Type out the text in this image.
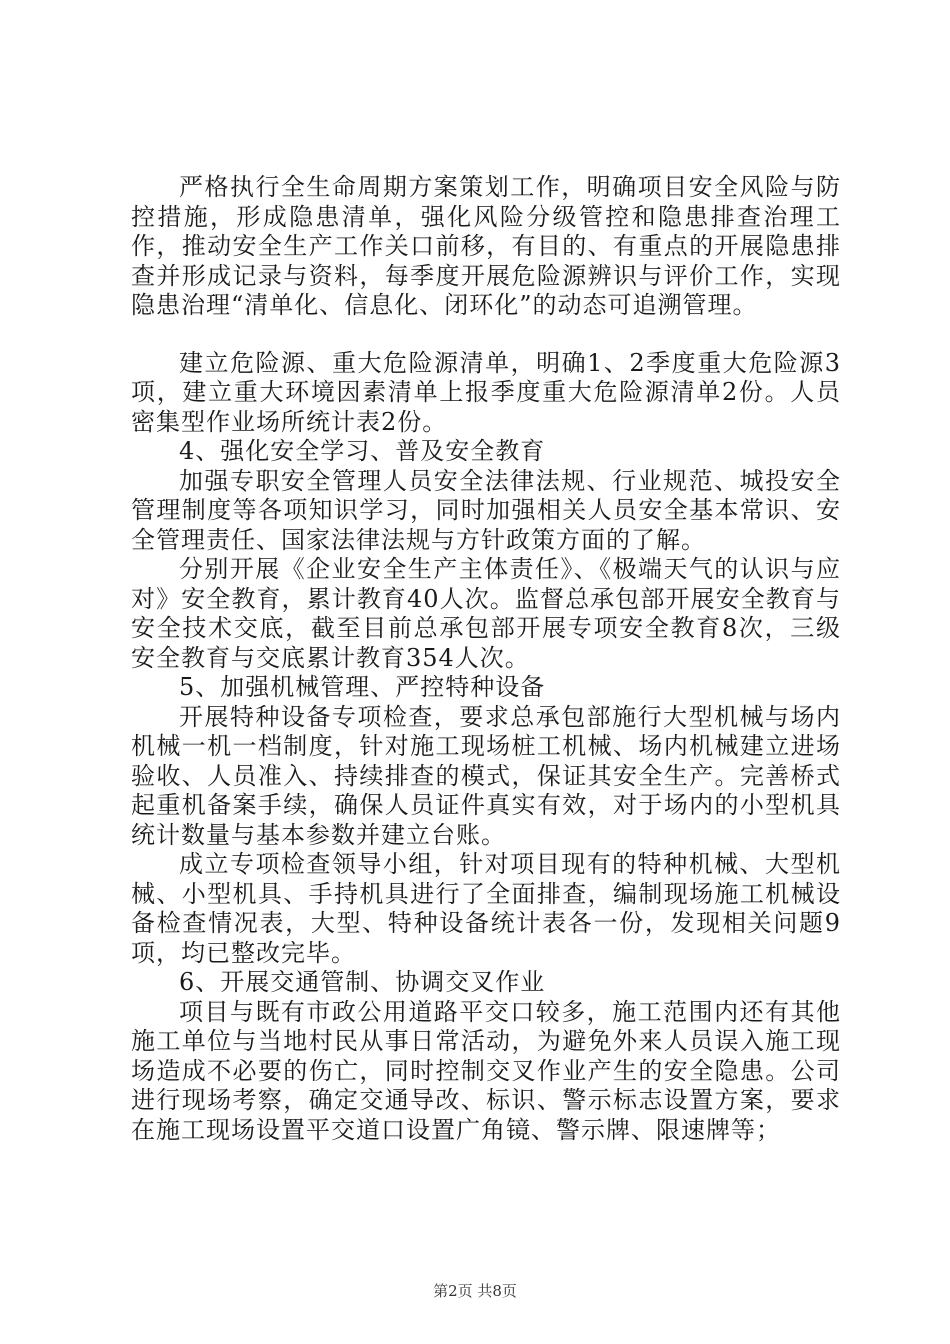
严格执行全生命周期方案策划工作，明确项目安全风险与防控措施，形成隐患清单，强化风险分级管控和隐患排查治理工作，推动安全生产工作关口前移，有目的、有重点的开展隐患排查并形成记录与资料，每季度开展危险源辨识与评价工作，实现隐患治理“清单化、信息化、闭环化”的动态可追溯管理。

建立危险源、重大危险源清单，明确1、2季度重大危险源3项，建立重大环境因素清单上报季度重大危险源清单2份。人员密集型作业场所统计表2份。

4、强化安全学习、普及安全教育

加强专职安全管理人员安全法律法规、行业规范、城投安全管理制度等各项知识学习，同时加强相关人员安全基本常识、安全管理责任、国家法律法规与方针政策方面的了解。

分别开展《企业安全生产主体责任》、《极端天气的认识与应对》安全教育，累计教育40人次。监督总承包部开展安全教育与安全技术交底，截至目前总承包部开展专项安全教育8次，三级安全教育与交底累计教育354人次。

5、加强机械管理、严控特种设备

开展特种设备专项检查，要求总承包部施行大型机械与场内机械一机一档制度，针对施工现场桩工机械、场内机械建立进场验收、人员准入、持续排查的模式，保证其安全生产。完善桥式起重机备案手续，确保人员证件真实有效，对于场内的小型机具统计数量与基本参数并建立台账。

成立专项检查领导小组，针对项目现有的特种机械、大型机械、小型机具、手持机具进行了全面排查，编制现场施工机械设备检查情况表，大型、特种设备统计表各一份，发现相关问题9项，均已整改完毕。

6、开展交通管制、协调交叉作业

项目与既有市政公用道路平交口较多，施工范围内还有其他施工单位与当地村民从事日常活动，为避免外来人员误入施工现场造成不必要的伤亡，同时控制交叉作业产生的安全隐患。公司进行现场考察，确定交通导改、标识、警示标志设置方案，要求在施工现场设置平交道口设置广角镜、警示牌、限速牌等；

第2页 共8页
